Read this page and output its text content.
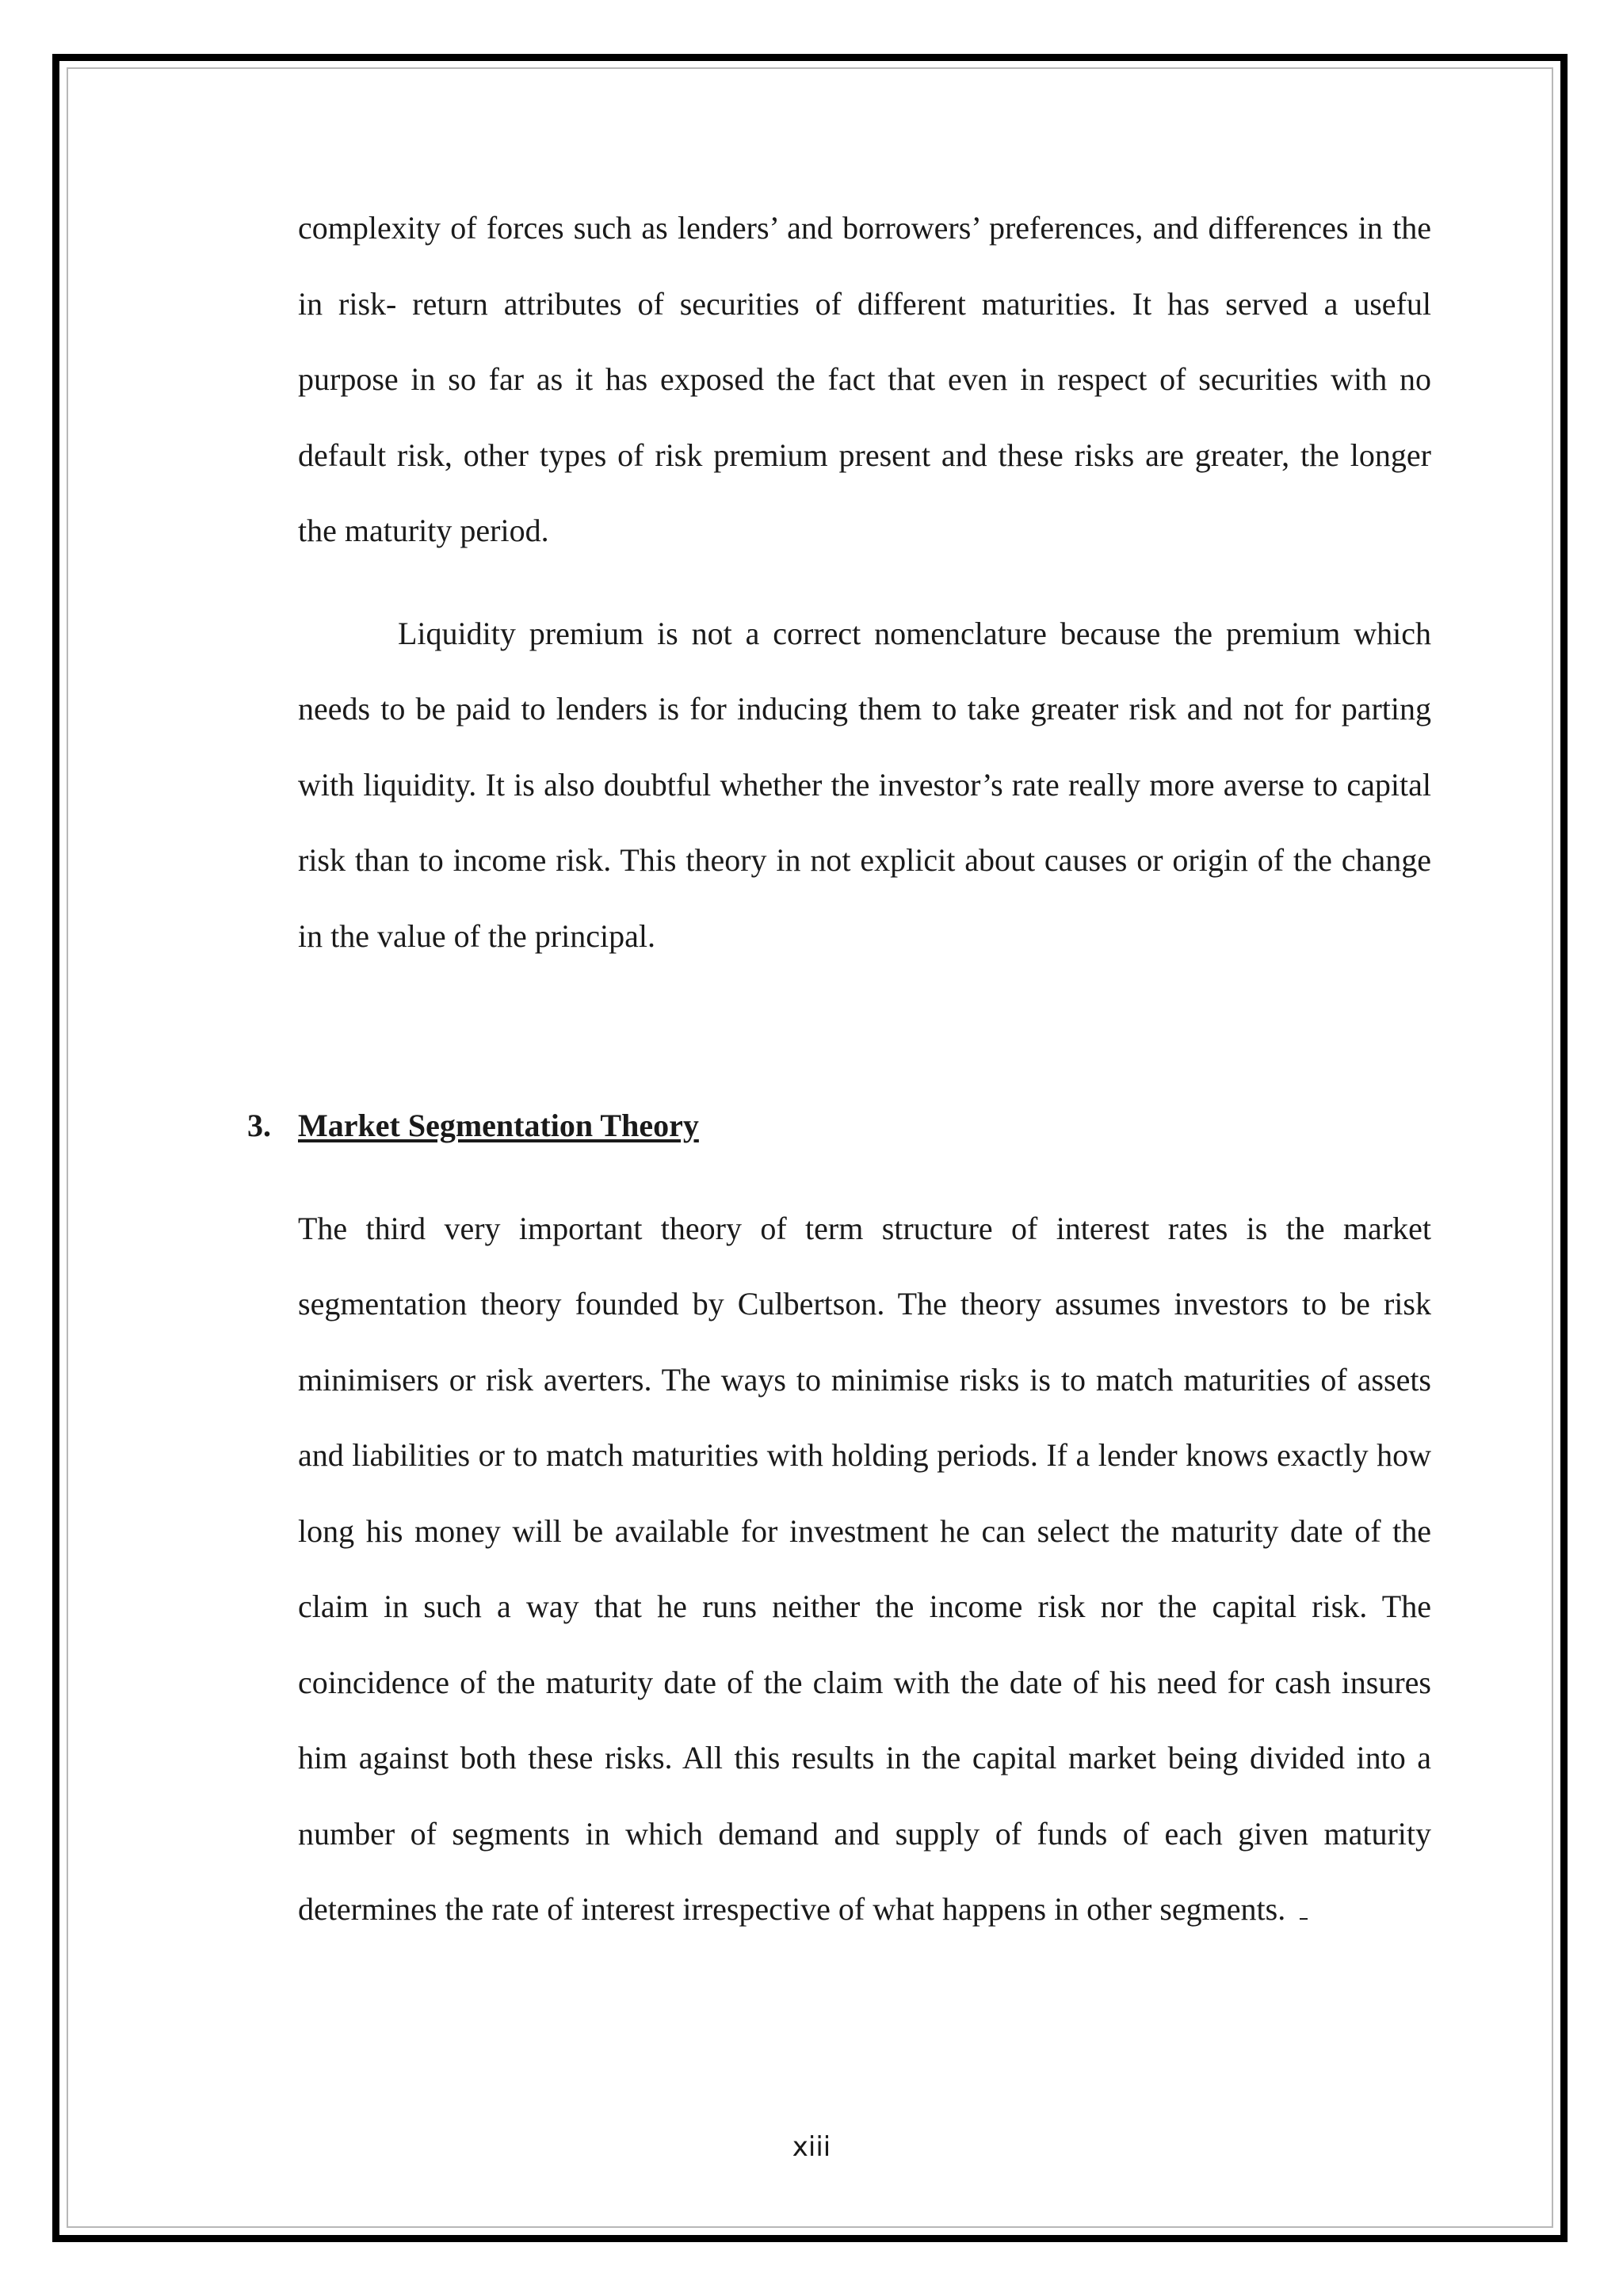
complexity of forces such as lenders’ and borrowers’ preferences, and differences in the in risk- return attributes of securities of different maturities. It has served a useful purpose in so far as it has exposed the fact that even in respect of securities with no default risk, other types of risk premium present and these risks are greater, the longer the maturity period.

Liquidity premium is not a correct nomenclature because the premium which needs to be paid to lenders is for inducing them to take greater risk and not for parting with liquidity. It is also doubtful whether the investor’s rate really more averse to capital risk than to income risk. This theory in not explicit about causes or origin of the change in the value of the principal.

3. Market Segmentation Theory

The third very important theory of term structure of interest rates is the market segmentation theory founded by Culbertson. The theory assumes investors to be risk minimisers or risk averters. The ways to minimise risks is to match maturities of assets and liabilities or to match maturities with holding periods. If a lender knows exactly how long his money will be available for investment he can select the maturity date of the claim in such a way that he runs neither the income risk nor the capital risk. The coincidence of the maturity date of the claim with the date of his need for cash insures him against both these risks. All this results in the capital market being divided into a number of segments in which demand and supply of funds of each given maturity determines the rate of interest irrespective of what happens in other segments.

xiii
